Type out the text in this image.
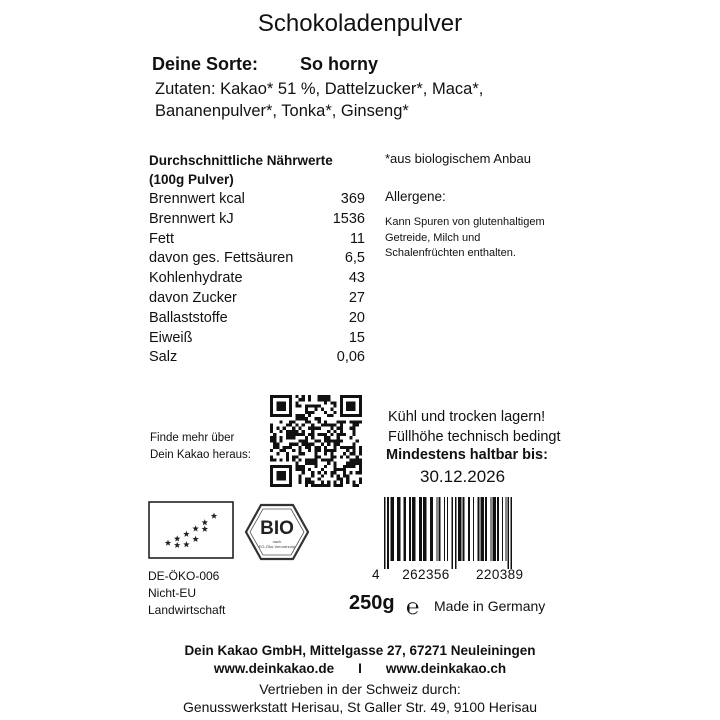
Schokoladenpulver
Deine Sorte: So horny
Zutaten: Kakao* 51 %, Dattelzucker*, Maca*, Bananenpulver*, Tonka*, Ginseng*
Durchschnittliche Nährwerte
(100g Pulver)
Brennwert kcal	369
Brennwert kJ	1536
Fett	11
davon ges. Fettsäuren	6,5
Kohlenhydrate	43
davon Zucker	27
Ballaststoffe	20
Eiweiß	15
Salz	0,06
*aus biologischem Anbau
Allergene:
Kann Spuren von glutenhaltigem Getreide, Milch und Schalenfrüchten enthalten.
Finde mehr über Dein Kakao heraus:
Kühl und trocken lagern!
Füllhöhe technisch bedingt
Mindestens haltbar bis:
30.12.2026
BIO
nach
EG-Öko-Verordnung
DE-ÖKO-006
Nicht-EU
Landwirtschaft
4 262356 220389
250g ℮ Made in Germany
Dein Kakao GmbH, Mittelgasse 27, 67271 Neuleiningen
www.deinkakao.de I www.deinkakao.ch
Vertrieben in der Schweiz durch:
Genusswerkstatt Herisau, St Galler Str. 49, 9100 Herisau
